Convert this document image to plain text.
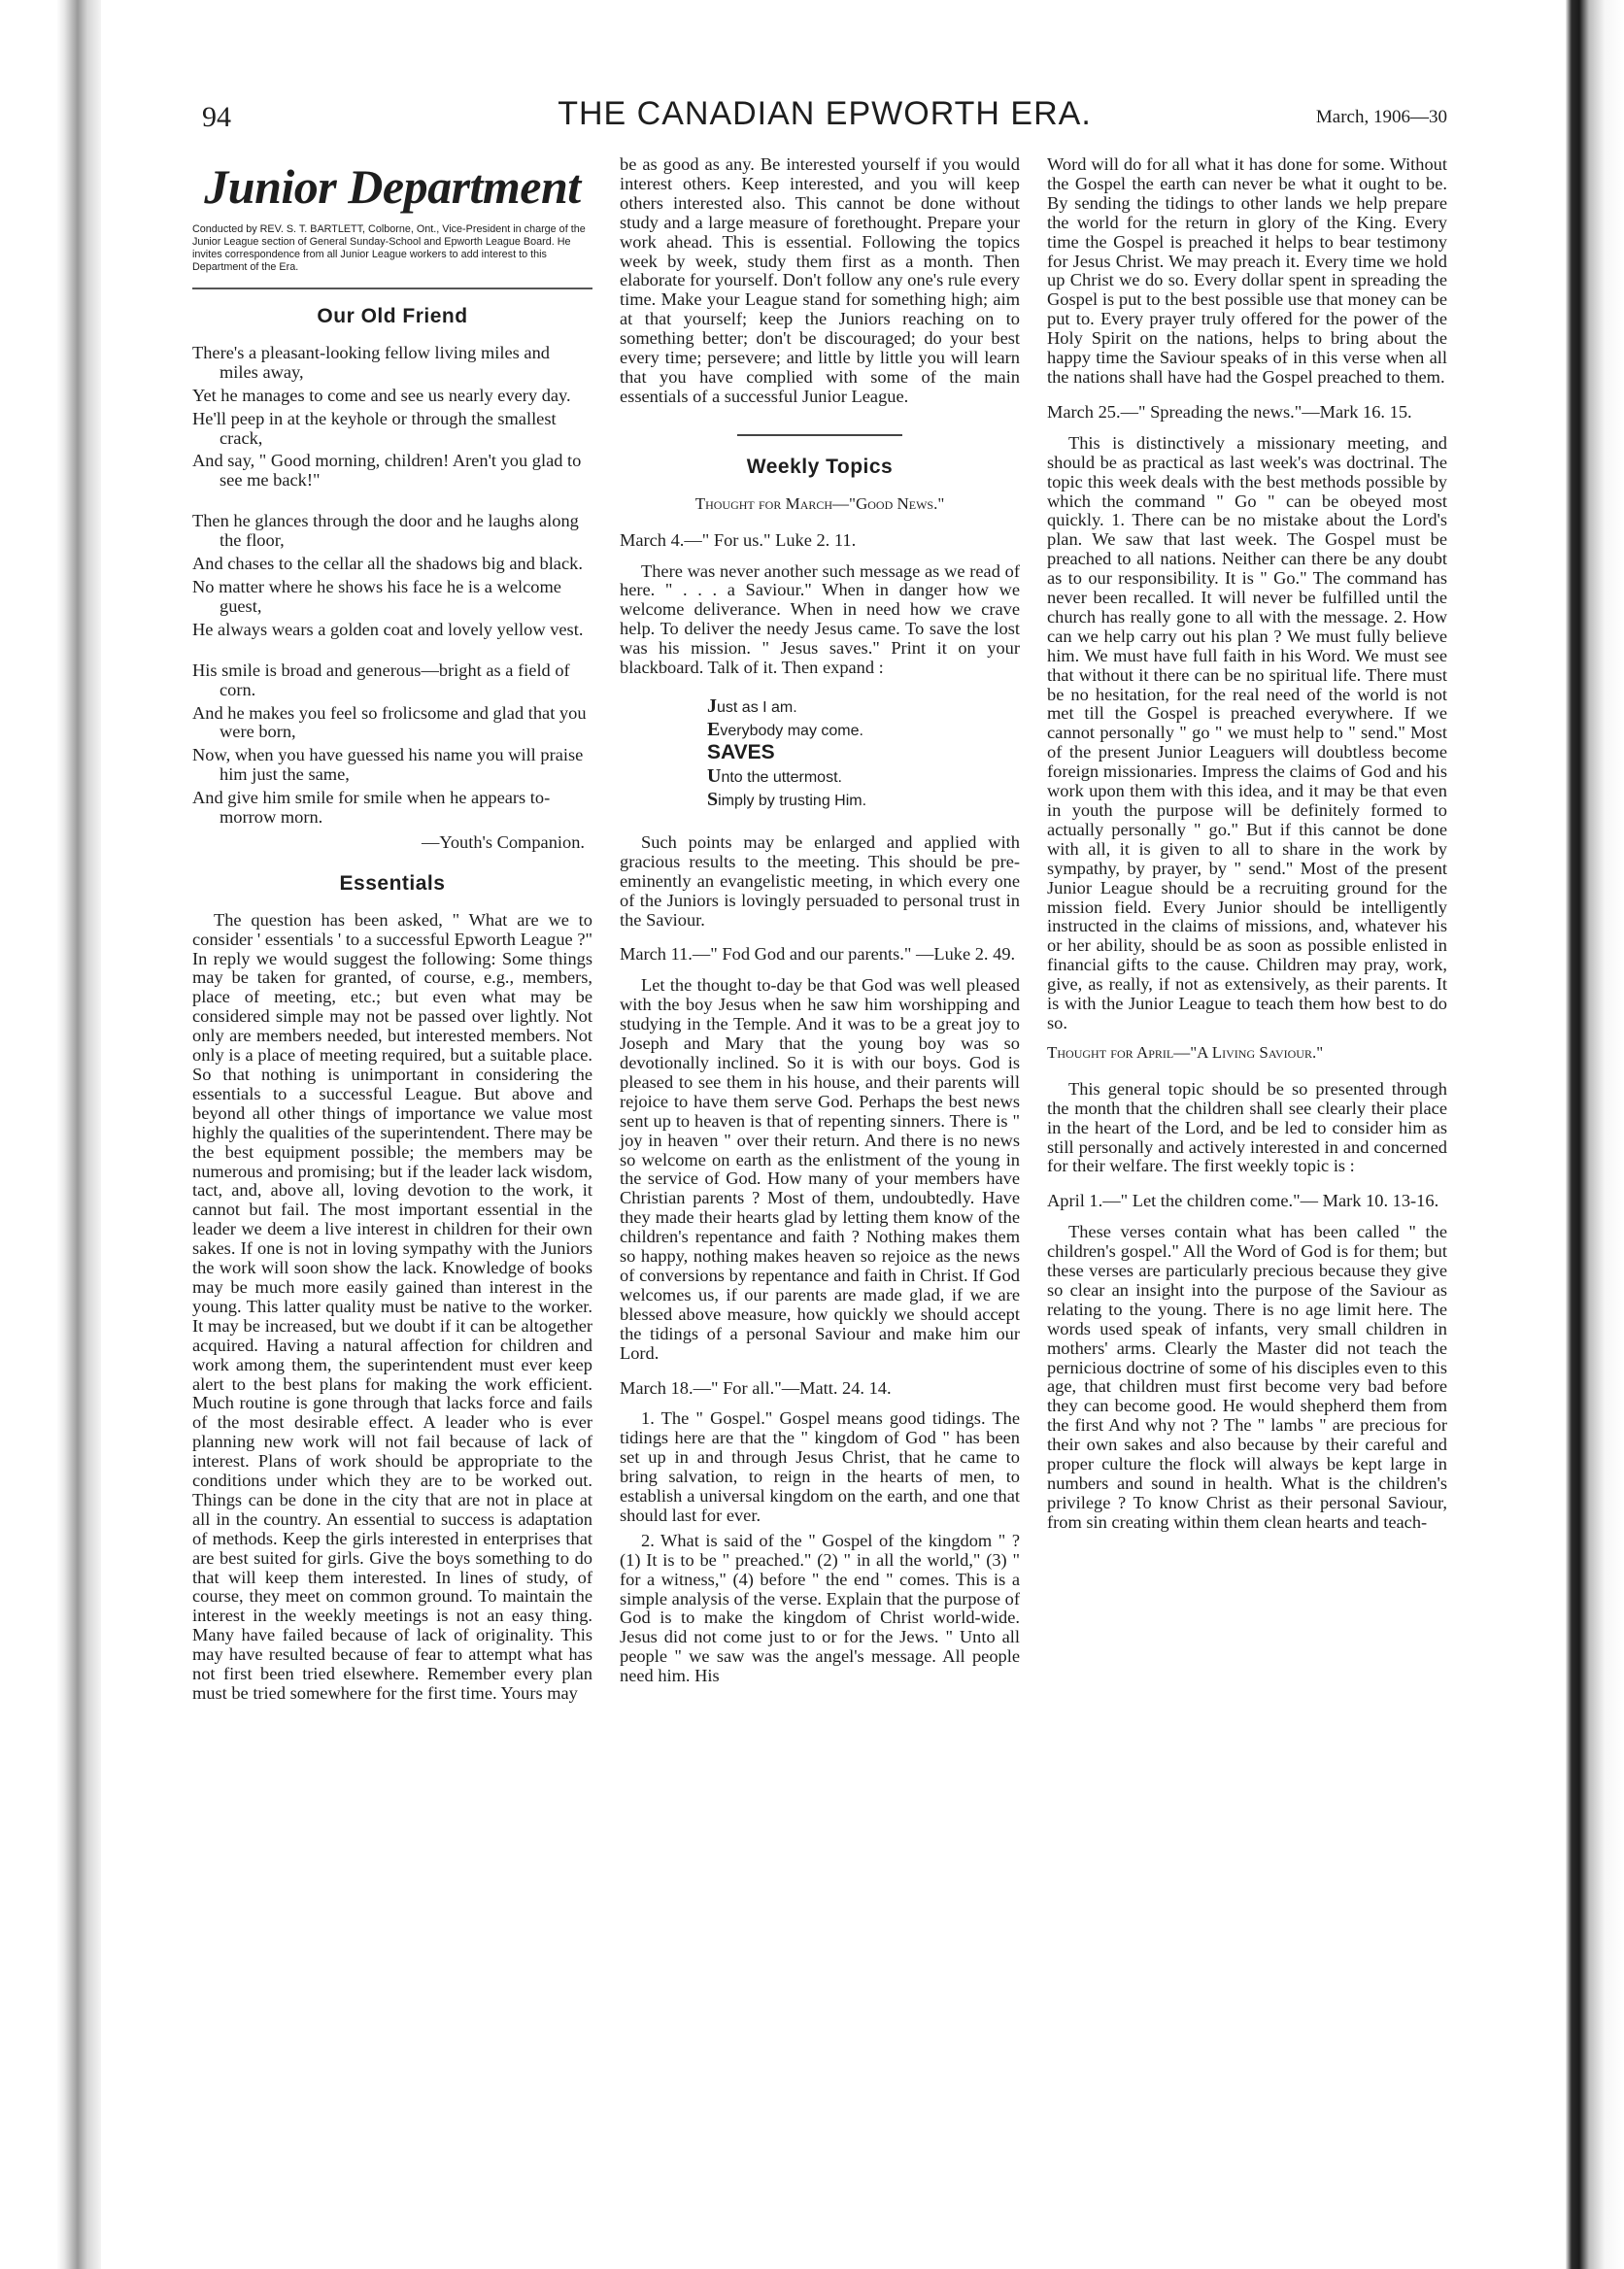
94	THE CANADIAN EPWORTH ERA.	March, 1906—30
Junior Department
Conducted by REV. S. T. BARTLETT, Colborne, Ont., Vice-President in charge of the Junior League section of General Sunday-School and Epworth League Board. He invites correspondence from all Junior League workers to add interest to this Department of the Era.
Our Old Friend
There's a pleasant-looking fellow living miles and miles away,
Yet he manages to come and see us nearly every day.
He'll peep in at the keyhole or through the smallest crack,
And say, " Good morning, children! Aren't you glad to see me back!"
Then he glances through the door and he laughs along the floor,
And chases to the cellar all the shadows big and black.
No matter where he shows his face he is a welcome guest,
He always wears a golden coat and lovely yellow vest.
His smile is broad and generous—bright as a field of corn.
And he makes you feel so frolicsome and glad that you were born,
Now, when you have guessed his name you will praise him just the same,
And give him smile for smile when he appears to-morrow morn.
—Youth's Companion.
Essentials

The question has been asked, " What are we to consider ' essentials ' to a successful Epworth League ?" In reply we would suggest the following: Some things may be taken for granted, of course, e.g., members, place of meeting, etc.; but even what may be considered simple may not be passed over lightly. Not only are members needed, but interested members. Not only is a place of meeting required, but a suitable place. So that nothing is unimportant in considering the essentials to a successful League. But above and beyond all other things of importance we value most highly the qualities of the superintendent. There may be the best equipment possible; the members may be numerous and promising; but if the leader lack wisdom, tact, and, above all, loving devotion to the work, it cannot but fail. The most important essential in the leader we deem a live interest in children for their own sakes. If one is not in loving sympathy with the Juniors the work will soon show the lack. Knowledge of books may be much more easily gained than interest in the young. This latter quality must be native to the worker. It may be increased, but we doubt if it can be altogether acquired. Having a natural affection for children and work among them, the superintendent must ever keep alert to the best plans for making the work efficient. Much routine is gone through that lacks force and fails of the most desirable effect. A leader who is ever planning new work will not fail because of lack of interest. Plans of work should be appropriate to the conditions under which they are to be worked out. Things can be done in the city that are not in place at all in the country. An essential to success is adaptation of methods. Keep the girls interested in enterprises that are best suited for girls. Give the boys something to do that will keep them interested. In lines of study, of course, they meet on common ground. To maintain the interest in the weekly meetings is not an easy thing. Many have failed because of lack of originality. This may have resulted because of fear to attempt what has not first been tried elsewhere. Remember every plan must be tried somewhere for the first time. Yours may

be as good as any. Be interested yourself if you would interest others. Keep interested, and you will keep others interested also. This cannot be done without study and a large measure of forethought. Prepare your work ahead. This is essential. Following the topics week by week, study them first as a month. Then elaborate for yourself. Don't follow any one's rule every time. Make your League stand for something high; aim at that yourself; keep the Juniors reaching on to something better; don't be discouraged; do your best every time; persevere; and little by little you will learn that you have complied with some of the main essentials of a successful Junior League.

Weekly Topics
Thought for March—"Good News."
March 4.—" For us." Luke 2. 11.

There was never another such message as we read of here. " . . . a Saviour." When in danger how we welcome deliverance. When in need how we crave help. To deliver the needy Jesus came. To save the lost was his mission. " Jesus saves." Print it on your blackboard. Talk of it. Then expand :

Just as I am.
Everybody may come.
SAVES
Unto the uttermost.
Simply by trusting Him.

Such points may be enlarged and applied with gracious results to the meeting. This should be pre-eminently an evangelistic meeting, in which every one of the Juniors is lovingly persuaded to personal trust in the Saviour.

March 11.—" Fod God and our parents." —Luke 2. 49.

Let the thought to-day be that God was well pleased with the boy Jesus when he saw him worshipping and studying in the Temple. And it was to be a great joy to Joseph and Mary that the young boy was so devotionally inclined. So it is with our boys. God is pleased to see them in his house, and their parents will rejoice to have them serve God. Perhaps the best news sent up to heaven is that of repenting sinners. There is " joy in heaven " over their return. And there is no news so welcome on earth as the enlistment of the young in the service of God. How many of your members have Christian parents ? Most of them, undoubtedly. Have they made their hearts glad by letting them know of the children's repentance and faith ? Nothing makes them so happy, nothing makes heaven so rejoice as the news of conversions by repentance and faith in Christ. If God welcomes us, if our parents are made glad, if we are blessed above measure, how quickly we should accept the tidings of a personal Saviour and make him our Lord.

March 18.—" For all."—Matt. 24. 14.

1. The " Gospel." Gospel means good tidings. The tidings here are that the " kingdom of God " has been set up in and through Jesus Christ, that he came to bring salvation, to reign in the hearts of men, to establish a universal kingdom on the earth, and one that should last for ever.

2. What is said of the " Gospel of the kingdom " ? (1) It is to be " preached." (2) " in all the world," (3) " for a witness," (4) before " the end " comes. This is a simple analysis of the verse. Explain that the purpose of God is to make the kingdom of Christ world-wide. Jesus did not come just to or for the Jews. " Unto all people " we saw was the angel's message. All people need him. His

Word will do for all what it has done for some. Without the Gospel the earth can never be what it ought to be. By sending the tidings to other lands we help prepare the world for the return in glory of the King. Every time the Gospel is preached it helps to bear testimony for Jesus Christ. We may preach it. Every time we hold up Christ we do so. Every dollar spent in spreading the Gospel is put to the best possible use that money can be put to. Every prayer truly offered for the power of the Holy Spirit on the nations, helps to bring about the happy time the Saviour speaks of in this verse when all the nations shall have had the Gospel preached to them.

March 25.—" Spreading the news."—Mark 16. 15.

This is distinctively a missionary meeting, and should be as practical as last week's was doctrinal. The topic this week deals with the best methods possible by which the command " Go " can be obeyed most quickly. 1. There can be no mistake about the Lord's plan. We saw that last week. The Gospel must be preached to all nations. Neither can there be any doubt as to our responsibility. It is " Go." The command has never been recalled. It will never be fulfilled until the church has really gone to all with the message. 2. How can we help carry out his plan ? We must fully believe him. We must have full faith in his Word. We must see that without it there can be no spiritual life. There must be no hesitation, for the real need of the world is not met till the Gospel is preached everywhere. If we cannot personally " go " we must help to " send." Most of the present Junior Leaguers will doubtless become foreign missionaries. Impress the claims of God and his work upon them with this idea, and it may be that even in youth the purpose will be definitely formed to actually personally " go." But if this cannot be done with all, it is given to all to share in the work by sympathy, by prayer, by " send." Most of the present Junior League should be a recruiting ground for the mission field. Every Junior should be intelligently instructed in the claims of missions, and, whatever his or her ability, should be as soon as possible enlisted in financial gifts to the cause. Children may pray, work, give, as really, if not as extensively, as their parents. It is with the Junior League to teach them how best to do so.

Thought for April—"A Living Saviour."

This general topic should be so presented through the month that the children shall see clearly their place in the heart of the Lord, and be led to consider him as still personally and actively interested in and concerned for their welfare. The first weekly topic is :

April 1.—" Let the children come."— Mark 10. 13-16.

These verses contain what has been called " the children's gospel." All the Word of God is for them; but these verses are particularly precious because they give so clear an insight into the purpose of the Saviour as relating to the young. There is no age limit here. The words used speak of infants, very small children in mothers' arms. Clearly the Master did not teach the pernicious doctrine of some of his disciples even to this age, that children must first become very bad before they can become good. He would shepherd them from the first And why not ? The " lambs " are precious for their own sakes and also because by their careful and proper culture the flock will always be kept large in numbers and sound in health. What is the children's privilege ? To know Christ as their personal Saviour, from sin creating within them clean hearts and teach-
